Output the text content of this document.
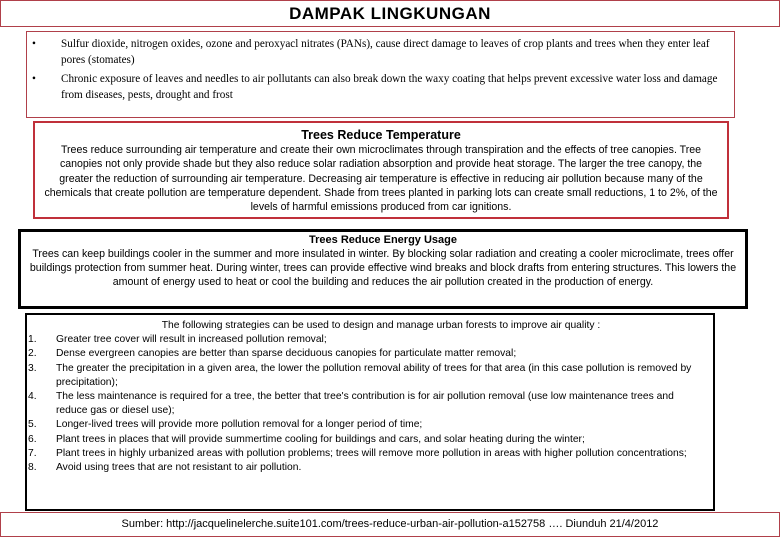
DAMPAK LINGKUNGAN
• Sulfur dioxide, nitrogen oxides, ozone and peroxyacl nitrates (PANs), cause direct damage to leaves of crop plants and trees when they enter leaf pores (stomates)
• Chronic exposure of leaves and needles to air pollutants can also break down the waxy coating that helps prevent excessive water loss and damage from diseases, pests, drought and frost
Trees Reduce Temperature
Trees reduce surrounding air temperature and create their own microclimates through transpiration and the effects of tree canopies. Tree canopies not only provide shade but they also reduce solar radiation absorption and provide heat storage. The larger the tree canopy, the greater the reduction of surrounding air temperature. Decreasing air temperature is effective in reducing air pollution because many of the chemicals that create pollution are temperature dependent. Shade from trees planted in parking lots can create small reductions, 1 to 2%, of the levels of harmful emissions produced from car ignitions.
Trees Reduce Energy Usage
Trees can keep buildings cooler in the summer and more insulated in winter. By blocking solar radiation and creating a cooler microclimate, trees offer buildings protection from summer heat. During winter, trees can provide effective wind breaks and block drafts from entering structures. This lowers the amount of energy used to heat or cool the building and reduces the air pollution created in the production of energy.
The following strategies can be used to design and manage urban forests to improve air quality :
1. Greater tree cover will result in increased pollution removal;
2. Dense evergreen canopies are better than sparse deciduous canopies for particulate matter removal;
3. The greater the precipitation in a given area, the lower the pollution removal ability of trees for that area (in this case pollution is removed by precipitation);
4. The less maintenance is required for a tree, the better that tree's contribution is for air pollution removal (use low maintenance trees and reduce gas or diesel use);
5. Longer-lived trees will provide more pollution removal for a longer period of time;
6. Plant trees in places that will provide summertime cooling for buildings and cars, and solar heating during the winter;
7. Plant trees in highly urbanized areas with pollution problems; trees will remove more pollution in areas with higher pollution concentrations;
8. Avoid using trees that are not resistant to air pollution.
Sumber: http://jacquelinelerche.suite101.com/trees-reduce-urban-air-pollution-a152758 …. Diunduh 21/4/2012
